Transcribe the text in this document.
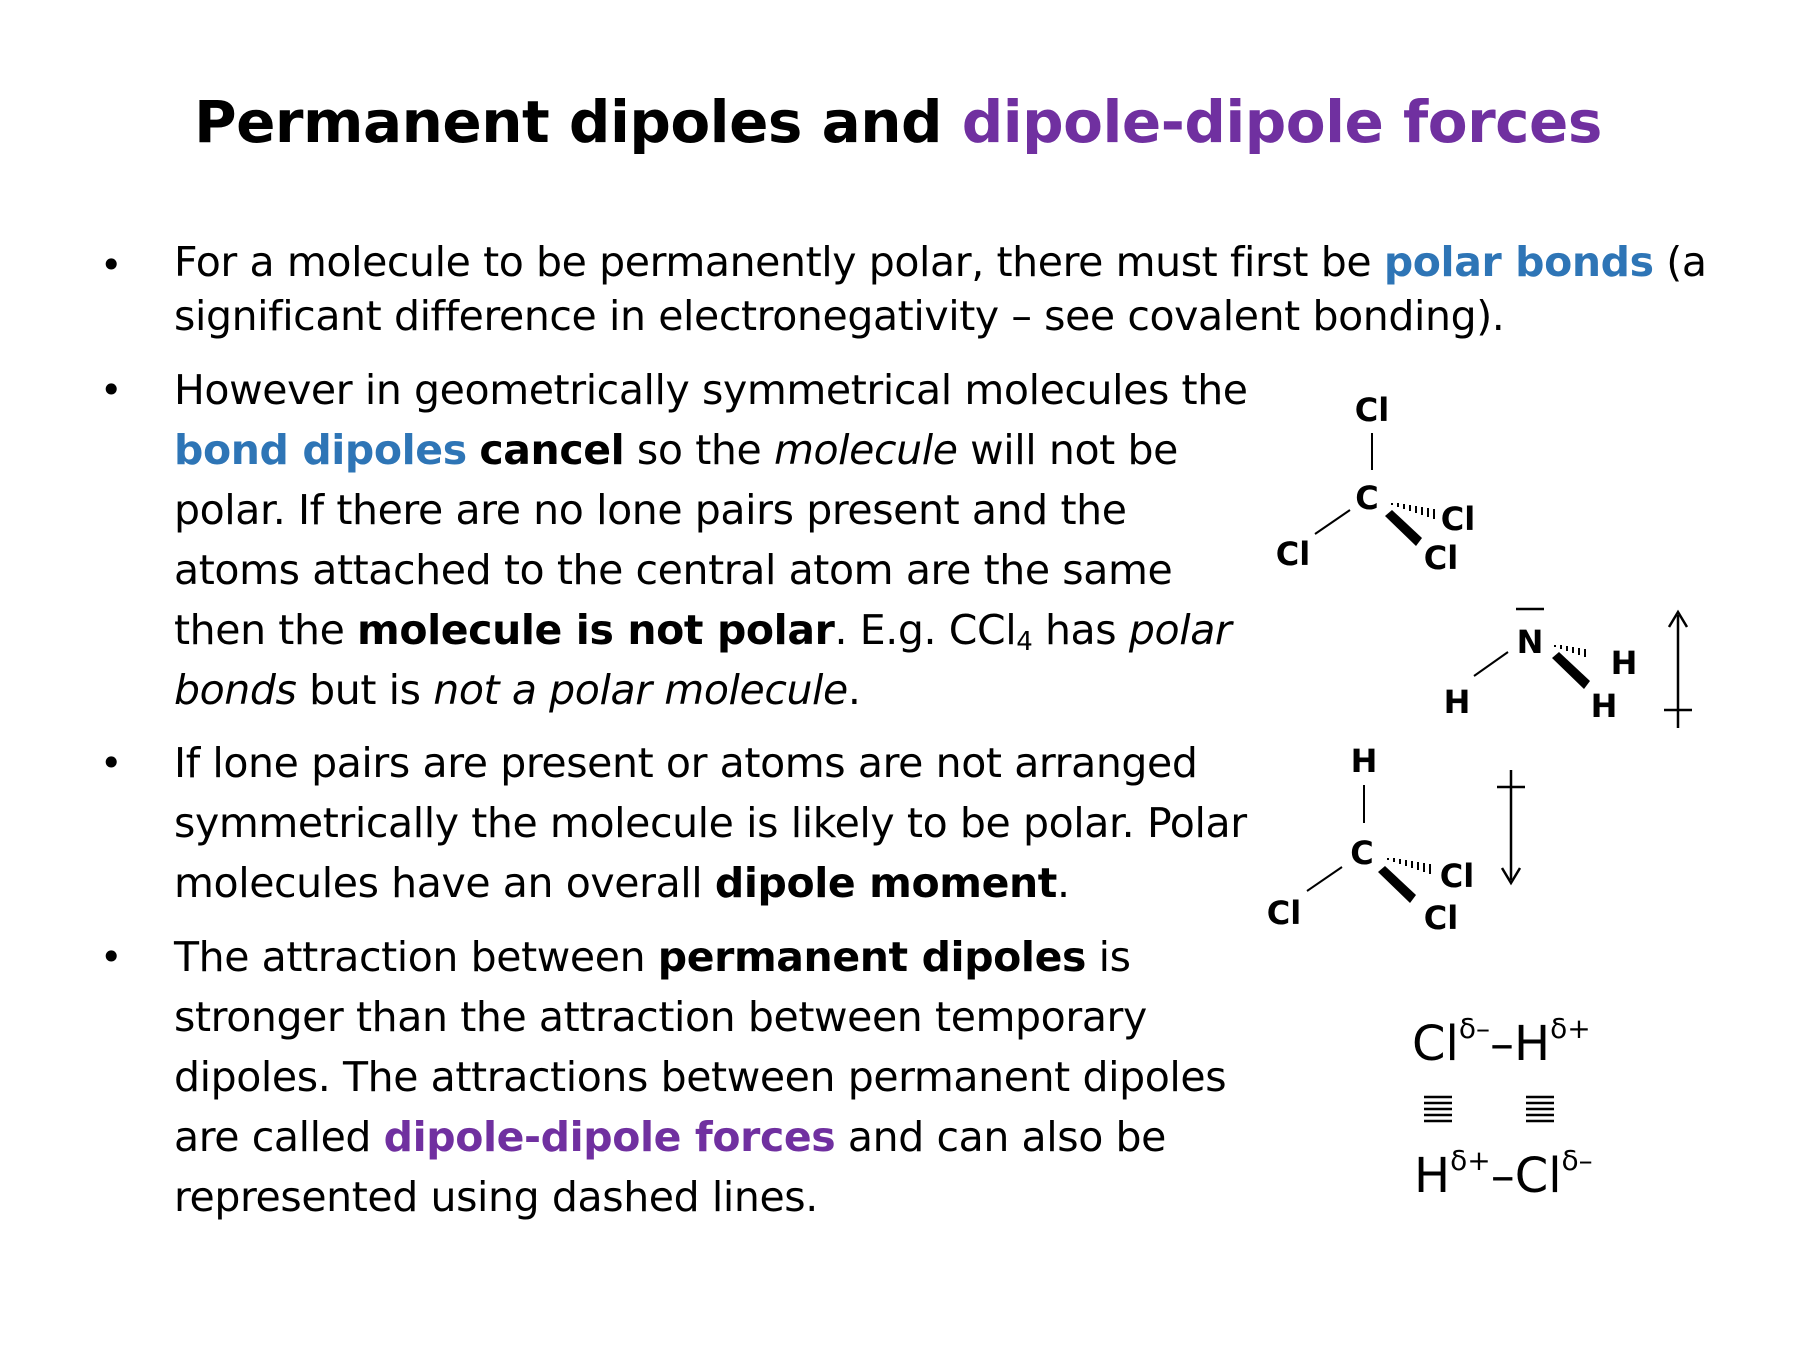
Permanent dipoles and dipole-dipole forces
• For a molecule to be permanently polar, there must first be polar bonds (a significant difference in electronegativity – see covalent bonding).
• However in geometrically symmetrical molecules the bond dipoles cancel so the molecule will not be polar. If there are no lone pairs present and the atoms attached to the central atom are the same then the molecule is not polar. E.g. CCl$_4$ has polar bonds but is not a polar molecule.
• If lone pairs are present or atoms are not arranged symmetrically the molecule is likely to be polar. Polar molecules have an overall dipole moment.
• The attraction between permanent dipoles is stronger than the attraction between temporary dipoles. The attractions between permanent dipoles are called dipole-dipole forces and can also be represented using dashed lines.
Cl
C
Cl
Cl	Cl
N
H
H	H
H
C
Cl
Cl	Cl
Clδ––Hδ+
Hδ+–Clδ–
